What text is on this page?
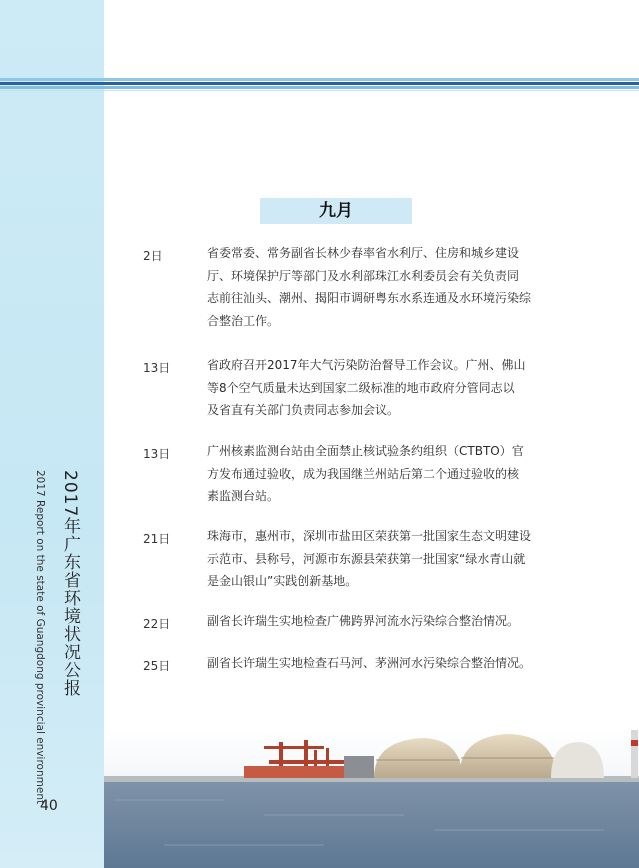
2017年广东省环境状况公报
2017 Report on the state of Guangdong provincial environment
40
九月
2日	省委常委、常务副省长林少春率省水利厅、住房和城乡建设
厅、环境保护厅等部门及水利部珠江水利委员会有关负责同
志前往汕头、潮州、揭阳市调研粤东水系连通及水环境污染综
合整治工作。
13日	省政府召开2017年大气污染防治督导工作会议。广州、佛山
等8个空气质量未达到国家二级标准的地市政府分管同志以
及省直有关部门负责同志参加会议。
13日	广州核素监测台站由全面禁止核试验条约组织（CTBTO）官
方发布通过验收，成为我国继兰州站后第二个通过验收的核
素监测台站。
21日	珠海市，惠州市，深圳市盐田区荣获第一批国家生态文明建设
示范市、县称号，河源市东源县荣获第一批国家“绿水青山就
是金山银山”实践创新基地。
22日	副省长许瑞生实地检查广佛跨界河流水污染综合整治情况。
25日	副省长许瑞生实地检查石马河、茅洲河水污染综合整治情况。
